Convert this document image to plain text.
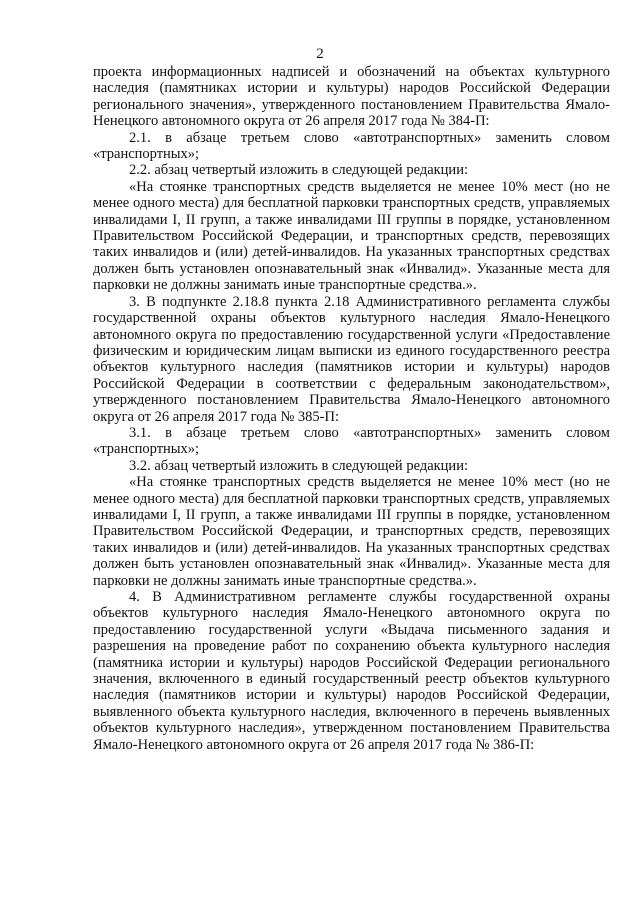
2

проекта информационных надписей и обозначений на объектах культурного наследия (памятниках истории и культуры) народов Российской Федерации регионального значения», утвержденного постановлением Правительства Ямало-Ненецкого автономного округа от 26 апреля 2017 года № 384-П:

2.1. в абзаце третьем слово «автотранспортных» заменить словом «транспортных»;

2.2. абзац четвертый изложить в следующей редакции:

«На стоянке транспортных средств выделяется не менее 10% мест (но не менее одного места) для бесплатной парковки транспортных средств, управляемых инвалидами I, II групп, а также инвалидами III группы в порядке, установленном Правительством Российской Федерации, и транспортных средств, перевозящих таких инвалидов и (или) детей-инвалидов. На указанных транспортных средствах должен быть установлен опознавательный знак «Инвалид». Указанные места для парковки не должны занимать иные транспортные средства.».

3. В подпункте 2.18.8 пункта 2.18 Административного регламента службы государственной охраны объектов культурного наследия Ямало-Ненецкого автономного округа по предоставлению государственной услуги «Предоставление физическим и юридическим лицам выписки из единого государственного реестра объектов культурного наследия (памятников истории и культуры) народов Российской Федерации в соответствии с федеральным законодательством», утвержденного постановлением Правительства Ямало-Ненецкого автономного округа от 26 апреля 2017 года № 385-П:

3.1. в абзаце третьем слово «автотранспортных» заменить словом «транспортных»;

3.2. абзац четвертый изложить в следующей редакции:

«На стоянке транспортных средств выделяется не менее 10% мест (но не менее одного места) для бесплатной парковки транспортных средств, управляемых инвалидами I, II групп, а также инвалидами III группы в порядке, установленном Правительством Российской Федерации, и транспортных средств, перевозящих таких инвалидов и (или) детей-инвалидов. На указанных транспортных средствах должен быть установлен опознавательный знак «Инвалид». Указанные места для парковки не должны занимать иные транспортные средства.».

4. В Административном регламенте службы государственной охраны объектов культурного наследия Ямало-Ненецкого автономного округа по предоставлению государственной услуги «Выдача письменного задания и разрешения на проведение работ по сохранению объекта культурного наследия (памятника истории и культуры) народов Российской Федерации регионального значения, включенного в единый государственный реестр объектов культурного наследия (памятников истории и культуры) народов Российской Федерации, выявленного объекта культурного наследия, включенного в перечень выявленных объектов культурного наследия», утвержденном постановлением Правительства Ямало-Ненецкого автономного округа от 26 апреля 2017 года № 386-П:
